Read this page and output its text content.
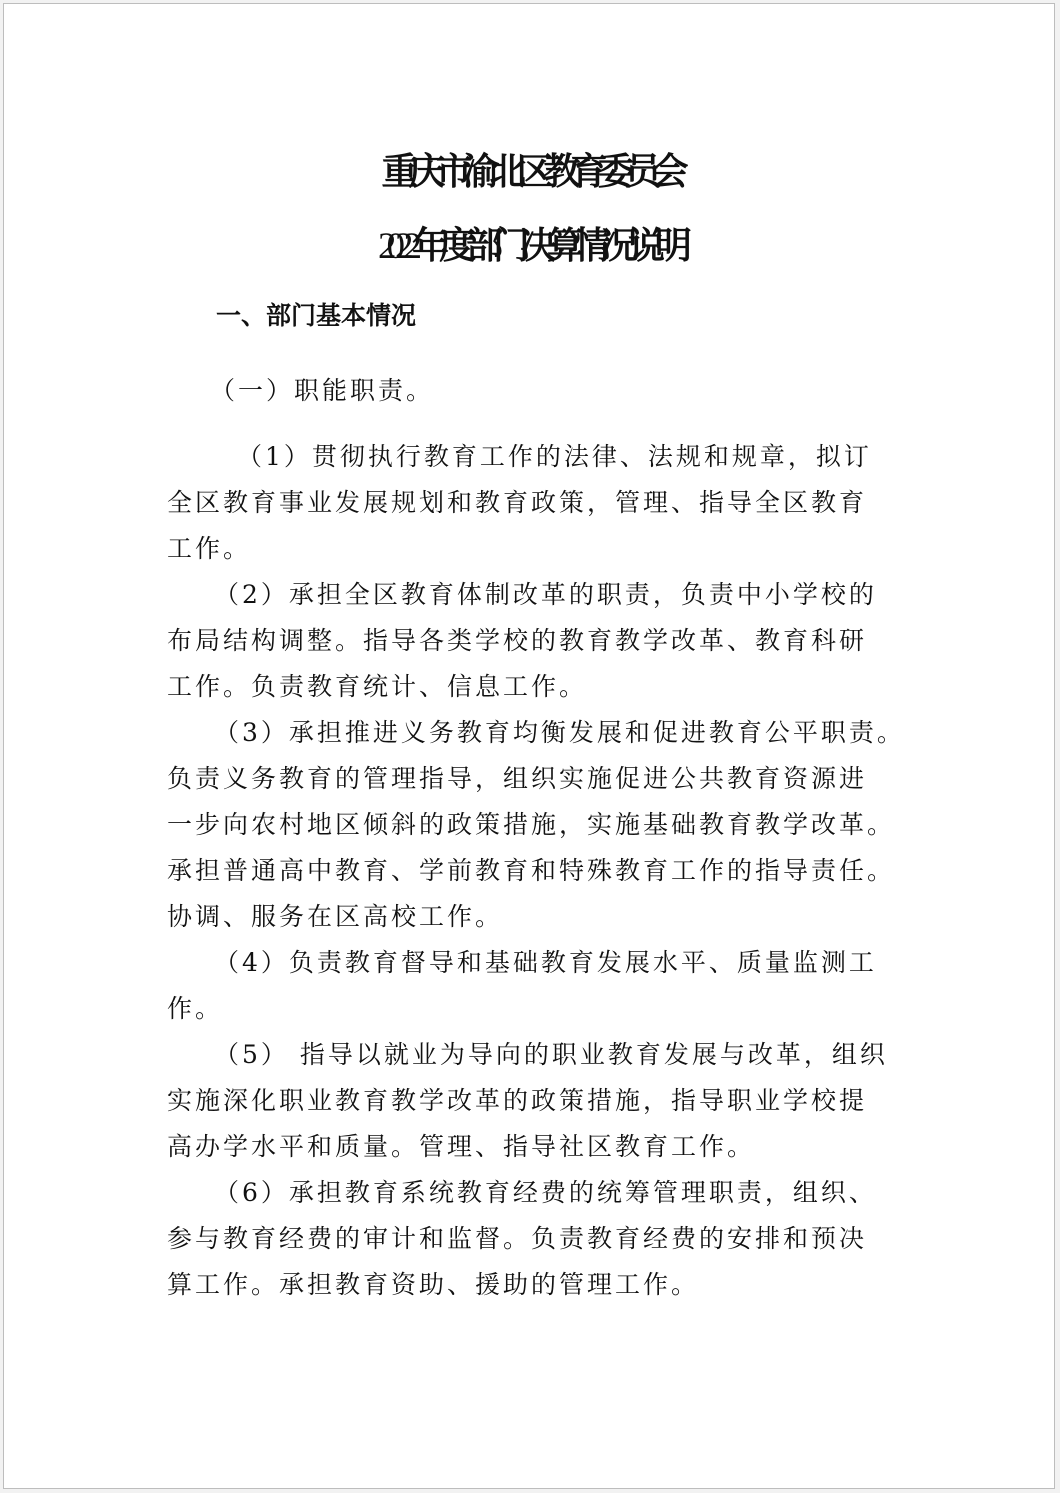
重庆市渝北区教育委员会
2022年度部门决算情况说明
一、部门基本情况
（一）职能职责。
（1）贯彻执行教育工作的法律、法规和规章，拟订
全区教育事业发展规划和教育政策，管理、指导全区教育
工作。
（2）承担全区教育体制改革的职责，负责中小学校的
布局结构调整。指导各类学校的教育教学改革、教育科研
工作。负责教育统计、信息工作。
（3）承担推进义务教育均衡发展和促进教育公平职责。
负责义务教育的管理指导，组织实施促进公共教育资源进
一步向农村地区倾斜的政策措施，实施基础教育教学改革。
承担普通高中教育、学前教育和特殊教育工作的指导责任。
协调、服务在区高校工作。
（4）负责教育督导和基础教育发展水平、质量监测工
作。
（5） 指导以就业为导向的职业教育发展与改革，组织
实施深化职业教育教学改革的政策措施，指导职业学校提
高办学水平和质量。管理、指导社区教育工作。
（6）承担教育系统教育经费的统筹管理职责，组织、
参与教育经费的审计和监督。负责教育经费的安排和预决
算工作。承担教育资助、援助的管理工作。
